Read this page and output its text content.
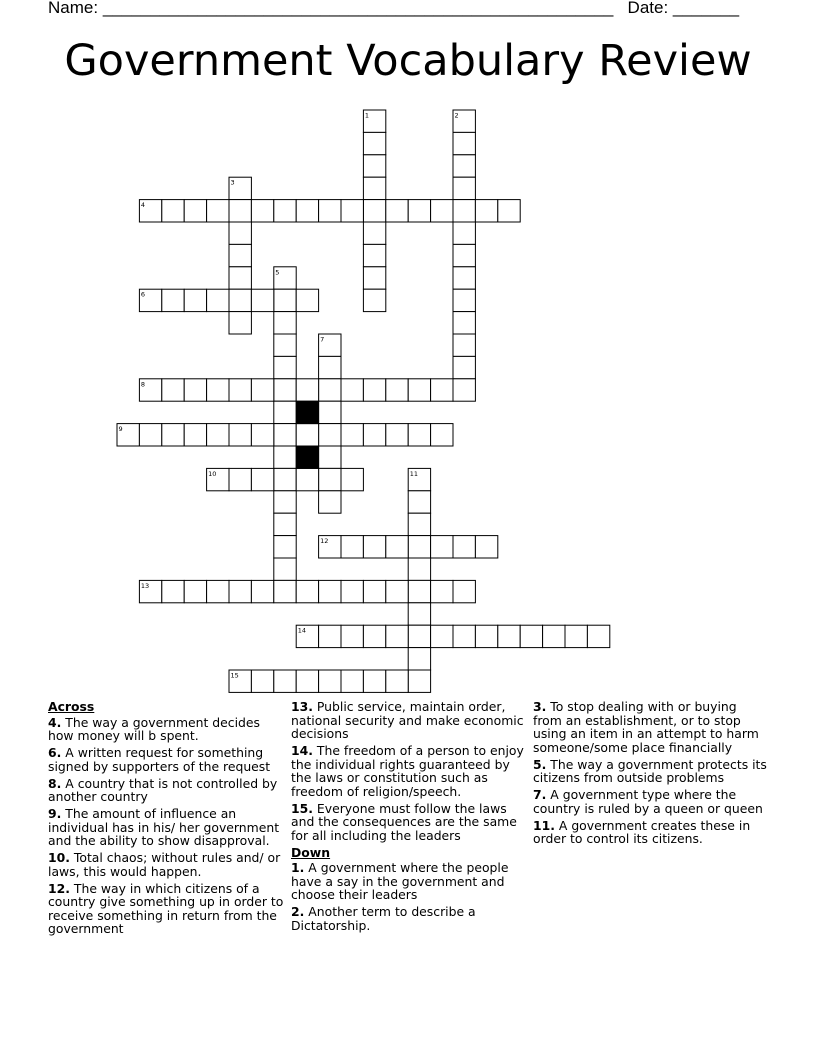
Name: ______________________________________________________ Date: _______
Government Vocabulary Review
1	2
3
4
5
6
7
8
9
10	11
12
13
14
15
Across
4. The way a government decides how money will b spent.
6. A written request for something signed by supporters of the request
8. A country that is not controlled by another country
9. The amount of influence an individual has in his/ her government and the ability to show disapproval.
10. Total chaos; without rules and/ or laws, this would happen.
12. The way in which citizens of a country give something up in order to receive something in return from the government
13. Public service, maintain order, national security and make economic decisions
14. The freedom of a person to enjoy the individual rights guaranteed by the laws or constitution such as freedom of religion/speech.
15. Everyone must follow the laws and the consequences are the same for all including the leaders
Down
1. A government where the people have a say in the government and choose their leaders
2. Another term to describe a Dictatorship.
3. To stop dealing with or buying from an establishment, or to stop using an item in an attempt to harm someone/some place financially
5. The way a government protects its citizens from outside problems
7. A government type where the country is ruled by a queen or queen
11. A government creates these in order to control its citizens.
